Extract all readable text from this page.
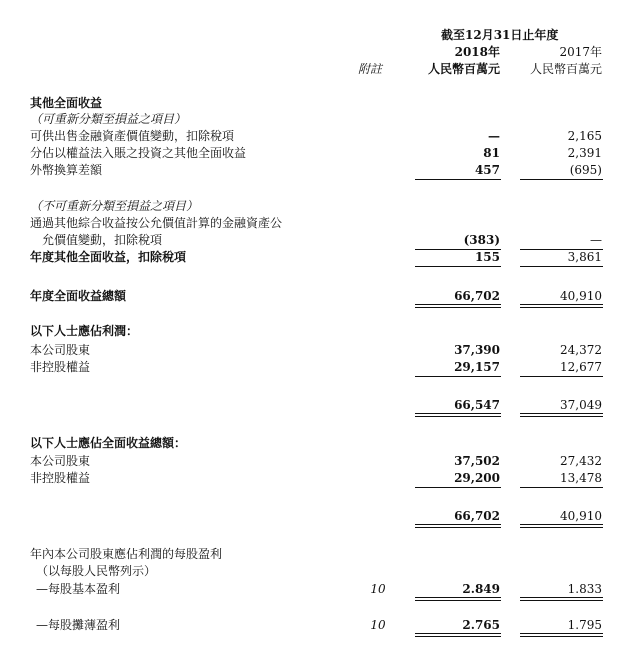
截至12月31日止年度
2018年	2017年
附註	人民幣百萬元 人民幣百萬元
其他全面收益
（可重新分類至損益之項目）
可供出售金融資產價值變動，扣除稅項	—	2,165
分佔以權益法入賬之投資之其他全面收益	81	2,391
外幣換算差額	457	(695)
（不可重新分類至損益之項目）
通過其他綜合收益按公允價值計算的金融資產公
允價值變動，扣除稅項	(383)	—
年度其他全面收益，扣除稅項	155	3,861
年度全面收益總額	66,702	40,910
以下人士應佔利潤：
本公司股東	37,390	24,372
非控股權益	29,157	12,677
66,547	37,049
以下人士應佔全面收益總額：
本公司股東	37,502	27,432
非控股權益	29,200	13,478
66,702	40,910
年內本公司股東應佔利潤的每股盈利
（以每股人民幣列示）
—每股基本盈利	10	2.849	1.833
—每股攤薄盈利	10	2.765	1.795
